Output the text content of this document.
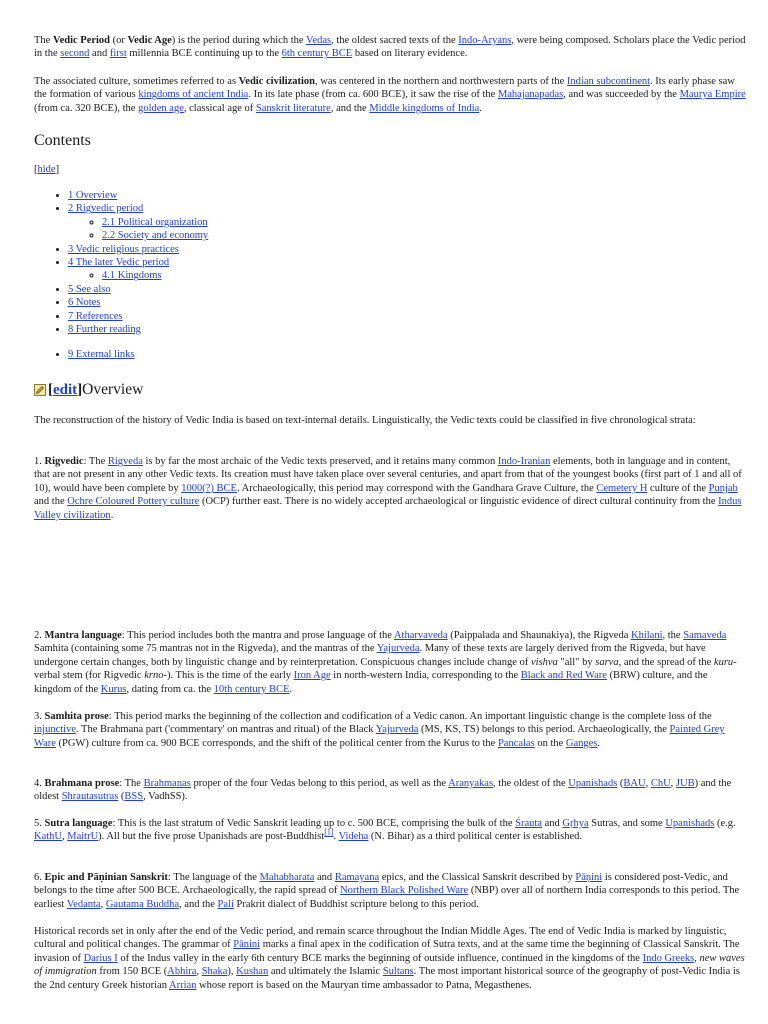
The Vedic Period (or Vedic Age) is the period during which the Vedas, the oldest sacred texts of the Indo-Aryans, were being composed. Scholars place the Vedic period in the second and first millennia BCE continuing up to the 6th century BCE based on literary evidence.

The associated culture, sometimes referred to as Vedic civilization, was centered in the northern and northwestern parts of the Indian subcontinent. Its early phase saw the formation of various kingdoms of ancient India. In its late phase (from ca. 600 BCE), it saw the rise of the Mahajanapadas, and was succeeded by the Maurya Empire (from ca. 320 BCE), the golden age, classical age of Sanskrit literature, and the Middle kingdoms of India.

Contents
[hide]
• 1 Overview
• 2 Rigvedic period
◦ 2.1 Political organization
◦ 2.2 Society and economy
• 3 Vedic religious practices
• 4 The later Vedic period
◦ 4.1 Kingdoms
• 5 See also
• 6 Notes
• 7 References
• 8 Further reading
• 9 External links
[edit] Overview

The reconstruction of the history of Vedic India is based on text-internal details. Linguistically, the Vedic texts could be classified in five chronological strata:

1. Rigvedic: The Rigveda is by far the most archaic of the Vedic texts preserved, and it retains many common Indo-Iranian elements, both in language and in content, that are not present in any other Vedic texts. Its creation must have taken place over several centuries, and apart from that of the youngest books (first part of 1 and all of 10), would have been complete by 1000(?) BCE. Archaeologically, this period may correspond with the Gandhara Grave Culture, the Cemetery H culture of the Punjab and the Ochre Coloured Pottery culture (OCP) further east. There is no widely accepted archaeological or linguistic evidence of direct cultural continuity from the Indus Valley civilization.

2. Mantra language: This period includes both the mantra and prose language of the Atharvaveda (Paippalada and Shaunakiya), the Rigveda Khilani, the Samaveda Samhita (containing some 75 mantras not in the Rigveda), and the mantras of the Yajurveda. Many of these texts are largely derived from the Rigveda, but have undergone certain changes, both by linguistic change and by reinterpretation. Conspicuous changes include change of vishva "all" by sarva, and the spread of the kuru- verbal stem (for Rigvedic krno-). This is the time of the early Iron Age in north-western India, corresponding to the Black and Red Ware (BRW) culture, and the kingdom of the Kurus, dating from ca. the 10th century BCE.

3. Samhita prose: This period marks the beginning of the collection and codification of a Vedic canon. An important linguistic change is the complete loss of the injunctive. The Brahmana part ('commentary' on mantras and ritual) of the Black Yajurveda (MS, KS, TS) belongs to this period. Archaeologically, the Painted Grey Ware (PGW) culture from ca. 900 BCE corresponds, and the shift of the political center from the Kurus to the Pancalas on the Ganges.

4. Brahmana prose: The Brahmanas proper of the four Vedas belong to this period, as well as the Aranyakas, the oldest of the Upanishads (BAU, ChU, JUB) and the oldest Shrautasutras (BSS, VadhSS).

5. Sutra language: This is the last stratum of Vedic Sanskrit leading up to c. 500 BCE, comprising the bulk of the Śrauta and Gṛhya Sutras, and some Upanishads (e.g. KathU, MaitrU). All but the five prose Upanishads are post-Buddhist[1]. Videha (N. Bihar) as a third political center is established.

6. Epic and Pāṇinian Sanskrit: The language of the Mahabharata and Ramayana epics, and the Classical Sanskrit described by Pāṇini is considered post-Vedic, and belongs to the time after 500 BCE. Archaeologically, the rapid spread of Northern Black Polished Ware (NBP) over all of northern India corresponds to this period. The earliest Vedanta, Gautama Buddha, and the Pali Prakrit dialect of Buddhist scripture belong to this period.

Historical records set in only after the end of the Vedic period, and remain scarce throughout the Indian Middle Ages. The end of Vedic India is marked by linguistic, cultural and political changes. The grammar of Pāṇini marks a final apex in the codification of Sutra texts, and at the same time the beginning of Classical Sanskrit. The invasion of Darius I of the Indus valley in the early 6th century BCE marks the beginning of outside influence, continued in the kingdoms of the Indo Greeks, new waves of immigration from 150 BCE (Abhira, Shaka), Kushan and ultimately the Islamic Sultans. The most important historical source of the geography of post-Vedic India is the 2nd century Greek historian Arrian whose report is based on the Mauryan time ambassador to Patna, Megasthenes.
